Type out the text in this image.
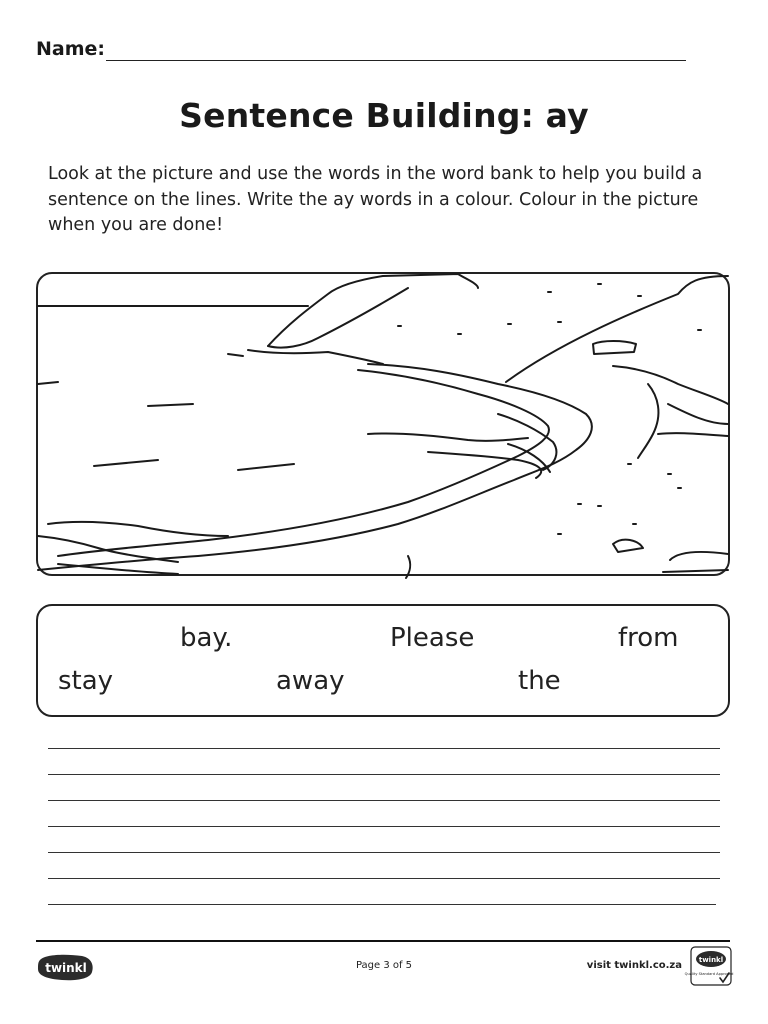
Name:
Sentence Building: ay
Look at the picture and use the words in the word bank to help you build a sentence on the lines. Write the ay words in a colour. Colour in the picture when you are done!
bay.	Please	from
stay	away	the
twinkl	Page 3 of 5	visit twinkl.co.za twinkl
Quality Standard Approved
